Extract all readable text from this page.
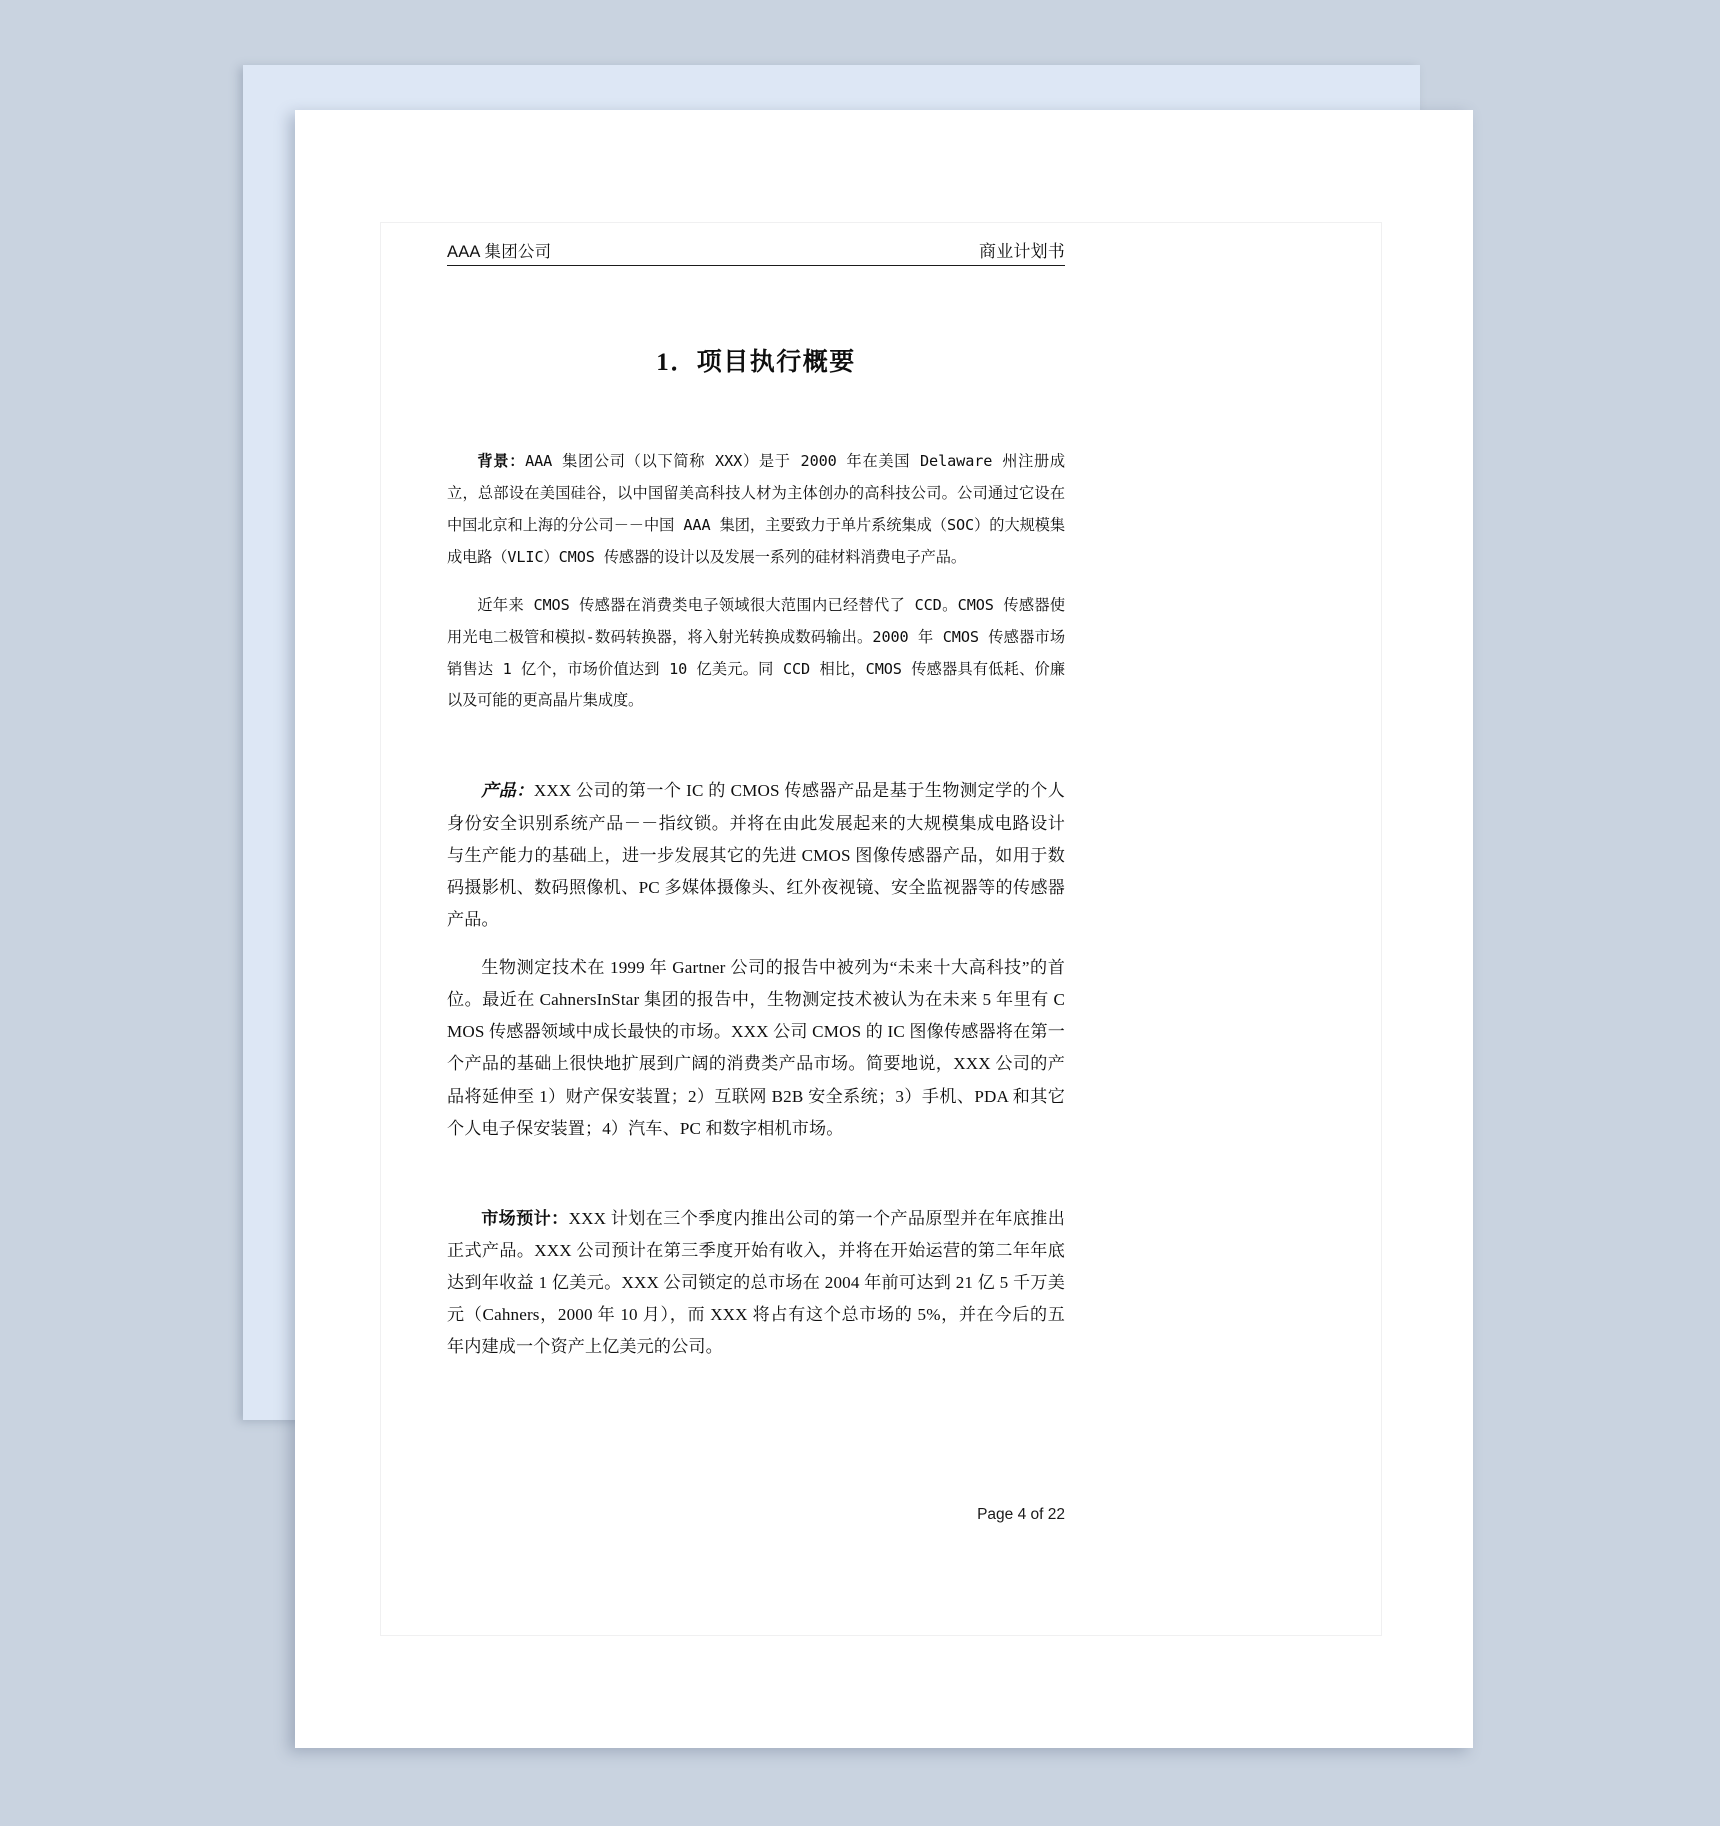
AAA 集团公司	商业计划书
1．项目执行概要

背景：AAA 集团公司（以下简称 XXX）是于 2000 年在美国 Delaware 州注册成立，总部设在美国硅谷，以中国留美高科技人材为主体创办的高科技公司。公司通过它设在中国北京和上海的分公司－－中国 AAA 集团，主要致力于单片系统集成（SOC）的大规模集成电路（VLIC）CMOS 传感器的设计以及发展一系列的硅材料消费电子产品。

近年来 CMOS 传感器在消费类电子领域很大范围内已经替代了 CCD。CMOS 传感器使用光电二极管和模拟-数码转换器，将入射光转换成数码输出。2000 年 CMOS 传感器市场销售达 1 亿个，市场价值达到 10 亿美元。同 CCD 相比，CMOS 传感器具有低耗、价廉以及可能的更高晶片集成度。

产品：XXX 公司的第一个 IC 的 CMOS 传感器产品是基于生物测定学的个人身份安全识别系统产品－－指纹锁。并将在由此发展起来的大规模集成电路设计与生产能力的基础上，进一步发展其它的先进 CMOS 图像传感器产品，如用于数码摄影机、数码照像机、PC 多媒体摄像头、红外夜视镜、安全监视器等的传感器产品。

生物测定技术在 1999 年 Gartner 公司的报告中被列为“未来十大高科技”的首位。最近在 CahnersInStar 集团的报告中，生物测定技术被认为在未来 5 年里有 CMOS 传感器领域中成长最快的市场。XXX 公司 CMOS 的 IC 图像传感器将在第一个产品的基础上很快地扩展到广阔的消费类产品市场。简要地说，XXX 公司的产品将延伸至 1）财产保安装置；2）互联网 B2B 安全系统；3）手机、PDA 和其它个人电子保安装置；4）汽车、PC 和数字相机市场。

市场预计：XXX 计划在三个季度内推出公司的第一个产品原型并在年底推出正式产品。XXX 公司预计在第三季度开始有收入，并将在开始运营的第二年年底达到年收益 1 亿美元。XXX 公司锁定的总市场在 2004 年前可达到 21 亿 5 千万美元（Cahners，2000 年 10 月），而 XXX 将占有这个总市场的 5%，并在今后的五年内建成一个资产上亿美元的公司。

Page 4 of 22
